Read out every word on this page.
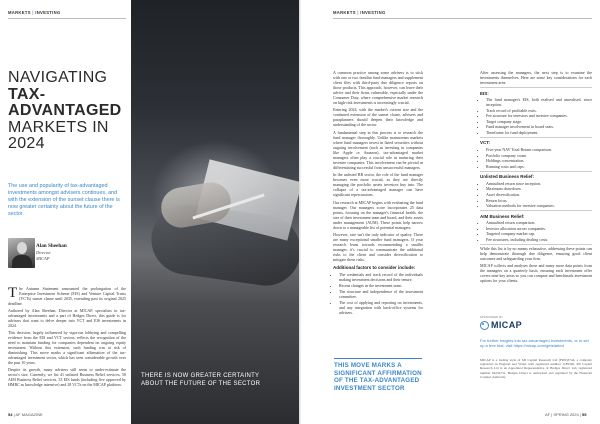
MARKETS | INVESTING
NAVIGATING
TAX-
ADVANTAGED
MARKETS IN
2024
The use and popularity of tax-advantaged investments amongst advisers continues, and with the extension of the sunset clause there is now greater certainty about the future of the sector.
Alan Sheehan
Director
MICAP

The Autumn Statement announced the prolongation of the Enterprise Investment Scheme (EIS) and Venture Capital Trusts (VCTs) sunset clause until 2035, extending past its original 2025 deadline.

Authored by Alan Sheehan, Director at MICAP, specialists in tax-advantaged investments and a part of Hedges Direct, this guide is for advisers that want to delve deeper into VCT and EIS investments in 2024.

This decision, largely influenced by vigorous lobbying and compelling evidence from the EIS and VCT sectors, reflects the recognition of the need to maintain funding for companies dependent on ongoing equity investment. Without this extension, such funding was at risk of diminishing. This move marks a significant affirmation of the tax-advantaged investment sector, which has seen considerable growth over the past 10 years.

Despite its growth, many advisers still seem to under-estimate the sector's size. Currently, we list 41 unlisted Business Relief services, 50 AIM Business Relief services, 33 EIS funds (including five approved by HMRC as knowledge intensive) and 28 VCTs on the MICAP platform.

THERE IS NOW GREATER CERTAINTY ABOUT THE FUTURE OF THE SECTOR
MARKETS | INVESTING

A common practice among some advisers is to stick with one or two familiar fund managers and supplement client files with third-party due diligence reports on those products. This approach, however, can leave their advice and their firms vulnerable, especially under the Consumer Duty, where comprehensive market research on high-risk investments is increasingly crucial.

Entering 2024, with the market's current size and the continued extension of the sunset clause, advisers and paraplanners should deepen their knowledge and understanding of the sector.

A fundamental step in this process is to research the fund manager thoroughly. Unlike mainstream markets where fund managers invest in listed securities without ongoing involvement (such as investing in companies like Apple or Amazon), tax-advantaged market managers often play a crucial role in nurturing their investee companies. This involvement can be pivotal in differentiating successful from unsuccessful managers.

In the unlisted BR sector, the role of the fund manager becomes even more crucial, as they are directly managing the portfolio assets investors buy into. The collapse of a tax-advantaged manager can have significant repercussions.

Our research at MICAP begins with evaluating the fund manager. Our managers score incorporates 25 data points, focusing on the manager's financial health, the size of their investment team and board, and their assets under management (AUM). These points help narrow down to a manageable list of potential managers.

However, size isn't the only indicator of quality. There are many exceptional smaller fund managers. If your research leans towards recommending a smaller manager, it's crucial to communicate the additional risks to the client and consider diversification to mitigate these risks.

Additional factors to consider include:
• The credentials and track record of the individuals making investment decisions and their tenure.
• Recent changes in the investment team.
• The structure and independence of the investment committee.
• The cost of applying and reporting on investments, and any integration with back-office systems for advisers.
THIS MOVE MARKS A SIGNIFICANT AFFIRMATION OF THE TAX-ADVANTAGED INVESTMENT SECTOR

After assessing the managers, the next step is to examine the investments themselves. Here are some key considerations for each investment area:

EIS:
• The fund manager's EIS, both realised and unrealised, since inception.
• Track record of profitable exits.
• Fee structure for investors and investee companies.
• Target company stage.
• Fund manager involvement in board seats.
• Timeframe for fund deployment.
VCT:
• Five-year NAV Total Return comparison.
• Portfolio company count.
• Holdings concentration.
• Running costs and caps.
Unlisted Business Relief:
• Annualised return since inception.
• Maximum drawdown.
• Asset diversification.
• Return focus.
• Valuation methods for investee companies.
AIM Business Relief:
• Annualised return comparison.
• Investor allocation across companies.
• Targeted company market cap.
• Fee structures, including dealing costs.

While this list is by no means exhaustive, addressing these points can help demonstrate thorough due diligence, ensuring good client outcomes and safeguarding your firm.

MICAP collects and analyses these and many more data points from the managers on a quarterly basis, ensuring each investment offer covers nine key areas so you can compare and benchmark investment options for your clients.

SPONSORED BY
MICAP
For further insights into tax-advantaged investments, or to set up a free trial, visit https://micap.com/getstarted
MICAP is a trading style of MI Capital Research Ltd (FRN)3744, a company registered in England and Wales with registered number 1189300. MI Capital Research Ltd is an Appointed Representative of Hedges Direct Ltd, registered number 04234731. Hedges Direct is authorised and regulated by the Financial Conduct Authority.
54 | AF MAGAZINE	AF | SPRING 2024 | 55
